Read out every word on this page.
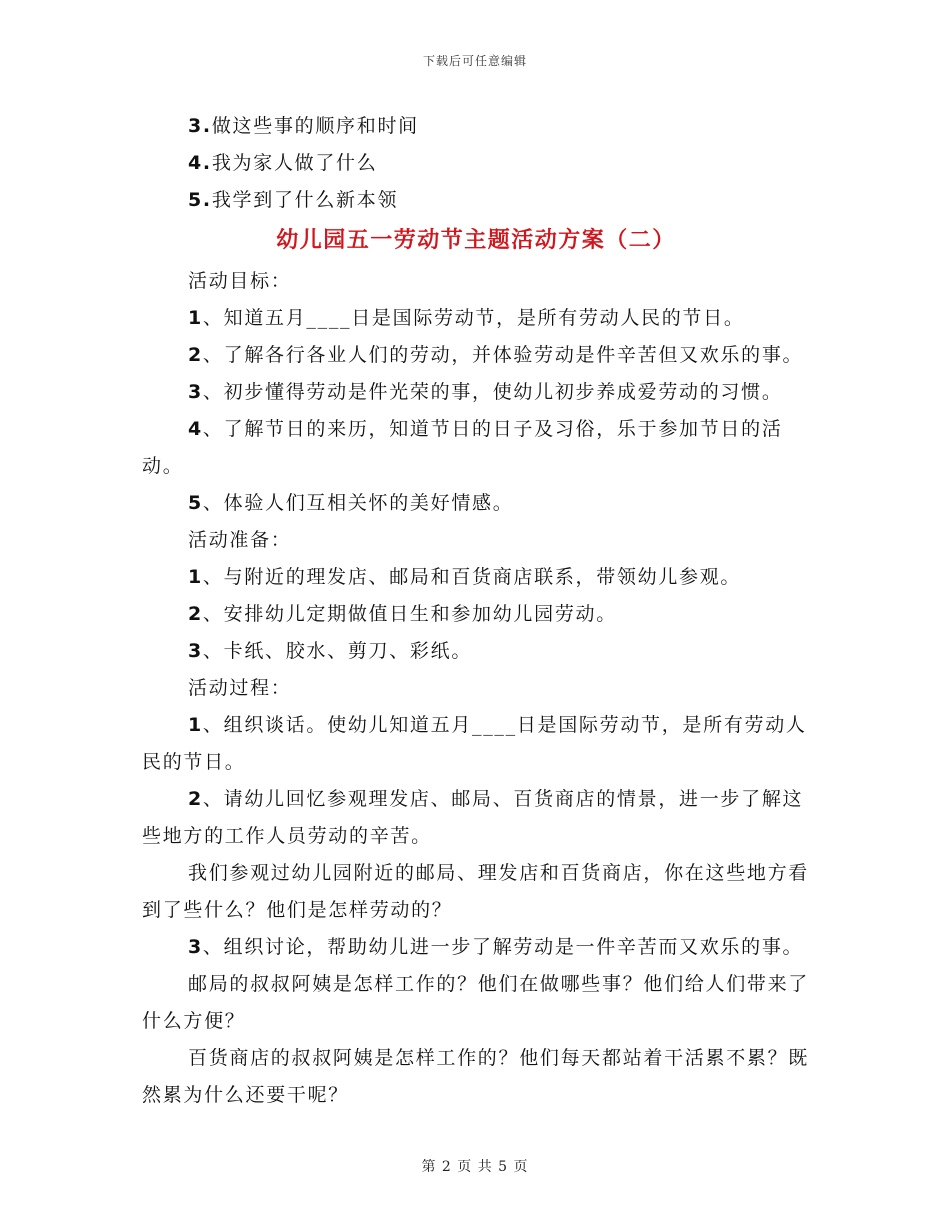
下载后可任意编辑

3.做这些事的顺序和时间

4.我为家人做了什么

5.我学到了什么新本领

幼儿园五一劳动节主题活动方案（二）

活动目标：

1、知道五月____日是国际劳动节，是所有劳动人民的节日。

2、了解各行各业人们的劳动，并体验劳动是件辛苦但又欢乐的事。

3、初步懂得劳动是件光荣的事，使幼儿初步养成爱劳动的习惯。

4、了解节日的来历，知道节日的日子及习俗，乐于参加节日的活动。

5、体验人们互相关怀的美好情感。

活动准备：

1、与附近的理发店、邮局和百货商店联系，带领幼儿参观。

2、安排幼儿定期做值日生和参加幼儿园劳动。

3、卡纸、胶水、剪刀、彩纸。

活动过程：

1、组织谈话。使幼儿知道五月____日是国际劳动节，是所有劳动人民的节日。

2、请幼儿回忆参观理发店、邮局、百货商店的情景，进一步了解这些地方的工作人员劳动的辛苦。

我们参观过幼儿园附近的邮局、理发店和百货商店，你在这些地方看到了些什么？他们是怎样劳动的？

3、组织讨论，帮助幼儿进一步了解劳动是一件辛苦而又欢乐的事。

邮局的叔叔阿姨是怎样工作的？他们在做哪些事？他们给人们带来了什么方便？

百货商店的叔叔阿姨是怎样工作的？他们每天都站着干活累不累？既然累为什么还要干呢？

第 2 页 共 5 页
